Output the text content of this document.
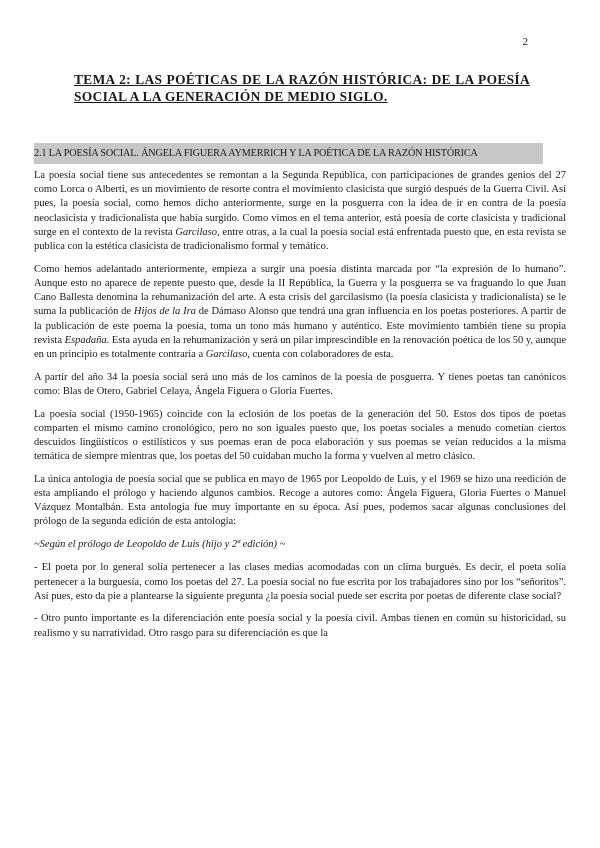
2
TEMA 2: LAS POÉTICAS DE LA RAZÓN HISTÓRICA: DE LA POESÍA SOCIAL A LA GENERACIÓN DE MEDIO SIGLO.
2.1 LA POESÍA SOCIAL. ÁNGELA FIGUERA AYMERRICH Y LA POÉTICA DE LA RAZÓN HISTÓRICA

La poesía social tiene sus antecedentes se remontan a la Segunda República, con participaciones de grandes genios del 27 como Lorca o Alberti, es un movimiento de resorte contra el movimiento clasicista que surgió después de la Guerra Civil. Así pues, la poesía social, como hemos dicho anteriormente, surge en la posguerra con la idea de ir en contra de la poesía neoclasicista y tradicionalista que había surgido. Como vimos en el tema anterior, está poesía de corte clasicista y tradicional surge en el contexto de la revista Garcilaso, entre otras, a la cual la poesía social está enfrentada puesto que, en esta revista se publica con la estética clasicista de tradicionalismo formal y temático.

Como hemos adelantado anteriormente, empieza a surgir una poesía distinta marcada por “la expresión de lo humano”. Aunque esto no aparece de repente puesto que, desde la II República, la Guerra y la posguerra se va fraguando lo que Juan Cano Ballesta denomina la rehumanización del arte. A esta crisis del garcilasismo (la poesía clasicista y tradicionalista) se le suma la publicación de Hijos de la Ira de Dámaso Alonso que tendrá una gran influencia en los poetas posteriores. A partir de la publicación de este poema la poesía, toma un tono más humano y auténtico. Este movimiento también tiene su propia revista Espadaña. Esta ayuda en la rehumanización y será un pilar imprescindible en la renovación poética de los 50 y, aunque en un principio es totalmente contraria a Garcilaso, cuenta con colaboradores de esta.

A partir del año 34 la poesía social será uno más de los caminos de la poesía de posguerra. Y tienes poetas tan canónicos como: Blas de Otero, Gabriel Celaya, Ángela Figuera o Gloria Fuertes.

La poesía social (1950-1965) coincide con la eclosión de los poetas de la generación del 50. Estos dos tipos de poetas comparten el mismo camino cronológico, pero no son iguales puesto que, los poetas sociales a menudo cometían ciertos descuidos lingüísticos o estilísticos y sus poemas eran de poca elaboración y sus poemas se veían reducidos a la misma temática de siempre mientras que, los poetas del 50 cuidaban mucho la forma y vuelven al metro clásico.

La única antología de poesía social que se publica en mayo de 1965 por Leopoldo de Luis, y el 1969 se hizo una reedición de esta ampliando el prólogo y haciendo algunos cambios. Recoge a autores como: Ángela Figuera, Gloria Fuertes o Manuel Vázquez Montalbán. Esta antología fue muy importante en su época. Así pues, podemos sacar algunas conclusiones del prólogo de la segunda edición de esta antología:

~Según el prólogo de Leopoldo de Luis (hijo y 2ª edición) ~

- El poeta por lo general solía pertenecer a las clases medias acomodadas con un clima burgués. Es decir, el poeta solía pertenecer a la burguesía, como los poetas del 27. La poesía social no fue escrita por los trabajadores sino por los “señoritos”. Así pues, esto da pie a plantearse la siguiente pregunta ¿la poesía social puede ser escrita por poetas de diferente clase social?

- Otro punto importante es la diferenciación ente poesía social y la poesía civil. Ambas tienen en común su historicidad, su realismo y su narratividad. Otro rasgo para su diferenciación es que la
